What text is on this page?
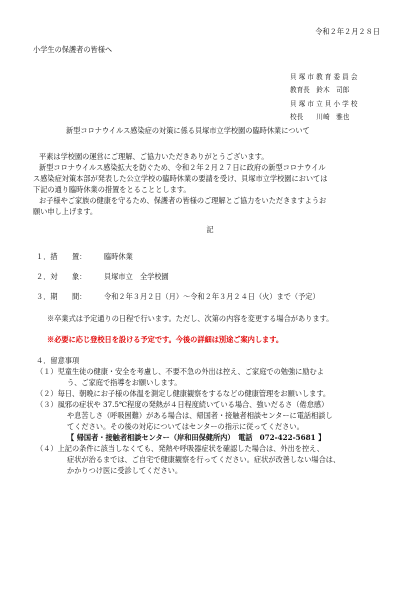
令和２年２月２８日
小学生の保護者の皆様へ
貝 塚 市 教 育 委 員 会
教育長　鈴木　司郎
貝 塚 市 立 貝 小 学 校
校長　　川崎　雅也
新型コロナウイルス感染症の対策に係る貝塚市立学校園の臨時休業について
平素は学校園の運営にご理解、ご協力いただきありがとうございます。
新型コロナウイルス感染拡大を防ぐため、令和２年２月２７日に政府の新型コロナウイル
ス感染症対策本部が発表した公立学校の臨時休業の要請を受け、貝塚市立学校園においては
下記の通り臨時休業の措置をとることとします。
お子様やご家族の健康を守るため、保護者の皆様のご理解とご協力をいただきますようお
願い申し上げます。
記
１．措　　置： 臨時休業
２．対　　象： 貝塚市立　全学校園
３．期　　間： 令和２年３月２日（月）～令和２年３月２４日（火）まで（予定）
※卒業式は予定通りの日程で行います。ただし、次第の内容を変更する場合があります。
※必要に応じ登校日を設ける予定です。今後の詳細は別途ご案内します。
４．留意事項
（１）児童生徒の健康・安全を考慮し、不要不急の外出は控え、ご家庭での勉強に励むよ
う、ご家庭で指導をお願いします。
（２）毎日、朝晩にお子様の体温を測定し健康観察をするなどの健康管理をお願いします。
（３）風邪の症状や 37.5℃程度の発熱が４日程度続いている場合、強いだるさ（倦怠感）
や息苦しさ（呼吸困難）がある場合は、帰国者・接触者相談センターに電話相談し
てください。その後の対応についてはセンターの指示に従ってください。
【 帰国者・接触者相談センター（岸和田保健所内）　電話　072-422-5681 】
（４）上記の条件に該当しなくても、発熱や呼吸器症状を確認した場合は、外出を控え、
症状が治るまでは、ご自宅で健康観察を行ってください。症状が改善しない場合は、
かかりつけ医に受診してください。
